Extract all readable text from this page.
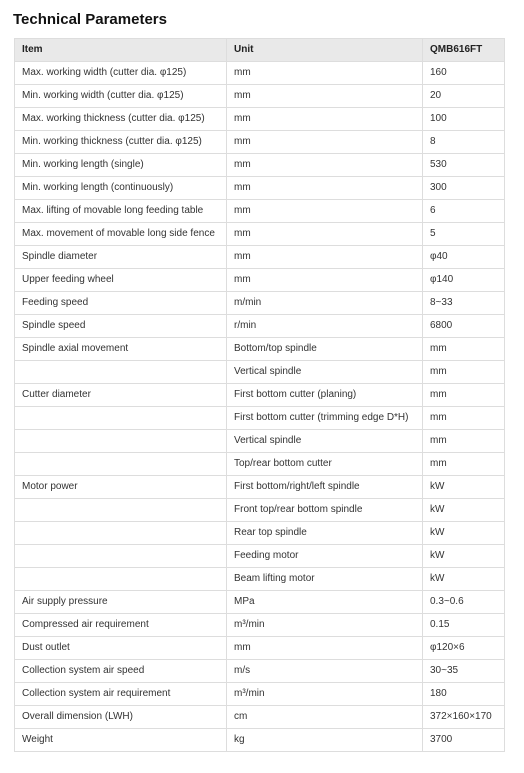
Technical Parameters
Item	Unit	QMB616FT
Max. working width (cutter dia. φ125)	mm	160
Min. working width (cutter dia. φ125)	mm	20
Max. working thickness (cutter dia. φ125)	mm	100
Min. working thickness (cutter dia. φ125)	mm	8
Min. working length (single)	mm	530
Min. working length (continuously)	mm	300
Max. lifting of movable long feeding table	mm	6
Max. movement of movable long side fence	mm	5
Spindle diameter	mm	φ40
Upper feeding wheel	mm	φ140
Feeding speed	m/min	8~33
Spindle speed	r/min	6800
Spindle axial movement	Bottom/top spindle	mm
	Vertical spindle	mm
Cutter diameter	First bottom cutter (planing)	mm
	First bottom cutter (trimming edge D*H)	mm
	Vertical spindle	mm
	Top/rear bottom cutter	mm
Motor power	First bottom/right/left spindle	kW
	Front top/rear bottom spindle	kW
	Rear top spindle	kW
	Feeding motor	kW
	Beam lifting motor	kW
Air supply pressure	MPa	0.3~0.6
Compressed air requirement	m³/min	0.15
Dust outlet	mm	φ120×6
Collection system air speed	m/s	30~35
Collection system air requirement	m³/min	180
Overall dimension (LWH)	cm	372×160×170
Weight	kg	3700
